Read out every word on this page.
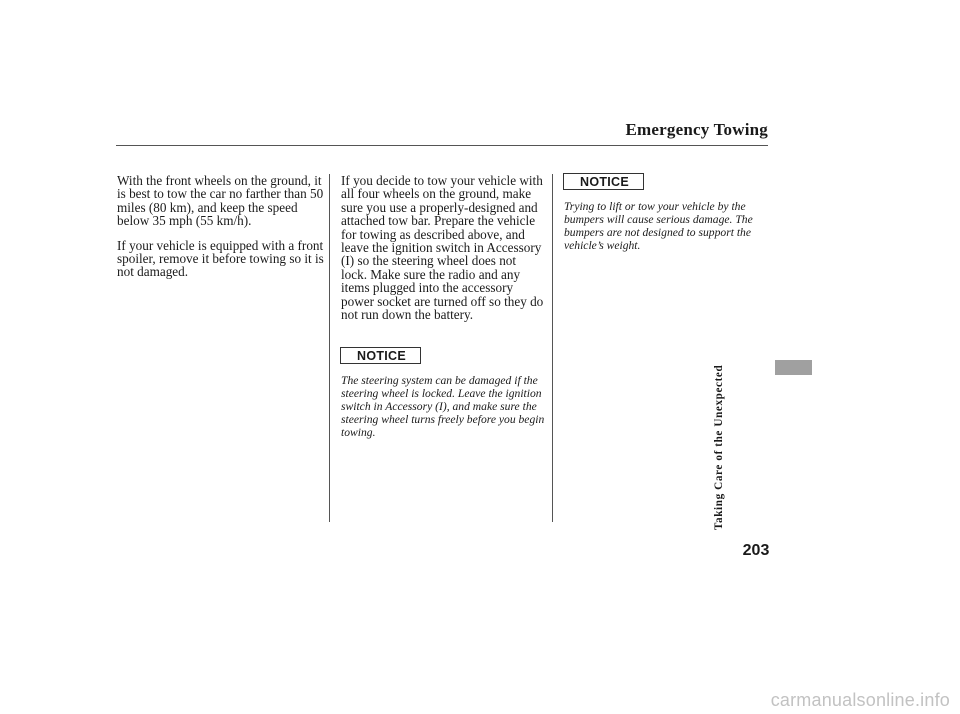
Emergency Towing

With the front wheels on the ground, it is best to tow the car no farther than 50 miles (80 km), and keep the speed below 35 mph (55 km/h).

If your vehicle is equipped with a front spoiler, remove it before towing so it is not damaged.

If you decide to tow your vehicle with all four wheels on the ground, make sure you use a properly-designed and attached tow bar. Prepare the vehicle for towing as described above, and leave the ignition switch in Accessory (I) so the steering wheel does not lock. Make sure the radio and any items plugged into the accessory power socket are turned off so they do not run down the battery.

NOTICE

The steering system can be damaged if the steering wheel is locked. Leave the ignition switch in Accessory (I), and make sure the steering wheel turns freely before you begin towing.

NOTICE

Trying to lift or tow your vehicle by the bumpers will cause serious damage. The bumpers are not designed to support the vehicle’s weight.

Taking Care of the Unexpected
203
carmanualsonline.info
